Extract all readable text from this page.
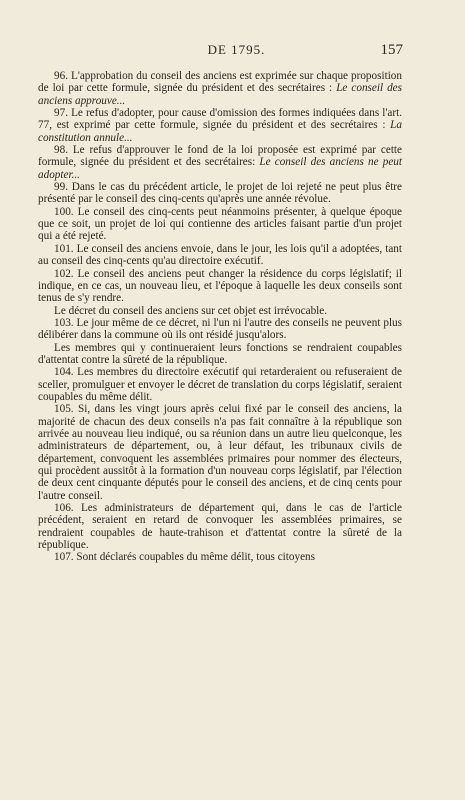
DE 1795.	157

96. L'approbation du conseil des anciens est exprimée sur chaque proposition de loi par cette formule, signée du président et des secrétaires : Le conseil des anciens approuve...

97. Le refus d'adopter, pour cause d'omission des formes indiquées dans l'art. 77, est exprimé par cette formule, signée du président et des secrétaires : La constitution annule...

98. Le refus d'approuver le fond de la loi proposée est exprimé par cette formule, signée du président et des secrétaires: Le conseil des anciens ne peut adopter...

99. Dans le cas du précédent article, le projet de loi rejeté ne peut plus être présenté par le conseil des cinq-cents qu'après une année révolue.

100. Le conseil des cinq-cents peut néanmoins présenter, à quelque époque que ce soit, un projet de loi qui contienne des articles faisant partie d'un projet qui a été rejeté.

101. Le conseil des anciens envoie, dans le jour, les lois qu'il a adoptées, tant au conseil des cinq-cents qu'au directoire exécutif.

102. Le conseil des anciens peut changer la résidence du corps législatif; il indique, en ce cas, un nouveau lieu, et l'époque à laquelle les deux conseils sont tenus de s'y rendre.

Le décret du conseil des anciens sur cet objet est irrévocable.

103. Le jour même de ce décret, ni l'un ni l'autre des conseils ne peuvent plus délibérer dans la commune où ils ont résidé jusqu'alors.

Les membres qui y continueraient leurs fonctions se rendraient coupables d'attentat contre la sûreté de la république.

104. Les membres du directoire exécutif qui retarderaient ou refuseraient de sceller, promulguer et envoyer le décret de translation du corps législatif, seraient coupables du même délit.

105. Si, dans les vingt jours après celui fixé par le conseil des anciens, la majorité de chacun des deux conseils n'a pas fait connaître à la république son arrivée au nouveau lieu indiqué, ou sa réunion dans un autre lieu quelconque, les administrateurs de département, ou, à leur défaut, les tribunaux civils de département, convoquent les assemblées primaires pour nommer des électeurs, qui procèdent aussitôt à la formation d'un nouveau corps législatif, par l'élection de deux cent cinquante députés pour le conseil des anciens, et de cinq cents pour l'autre conseil.

106. Les administrateurs de département qui, dans le cas de l'article précédent, seraient en retard de convoquer les assemblées primaires, se rendraient coupables de haute-trahison et d'attentat contre la sûreté de la république.

107. Sont déclarés coupables du même délit, tous citoyens
